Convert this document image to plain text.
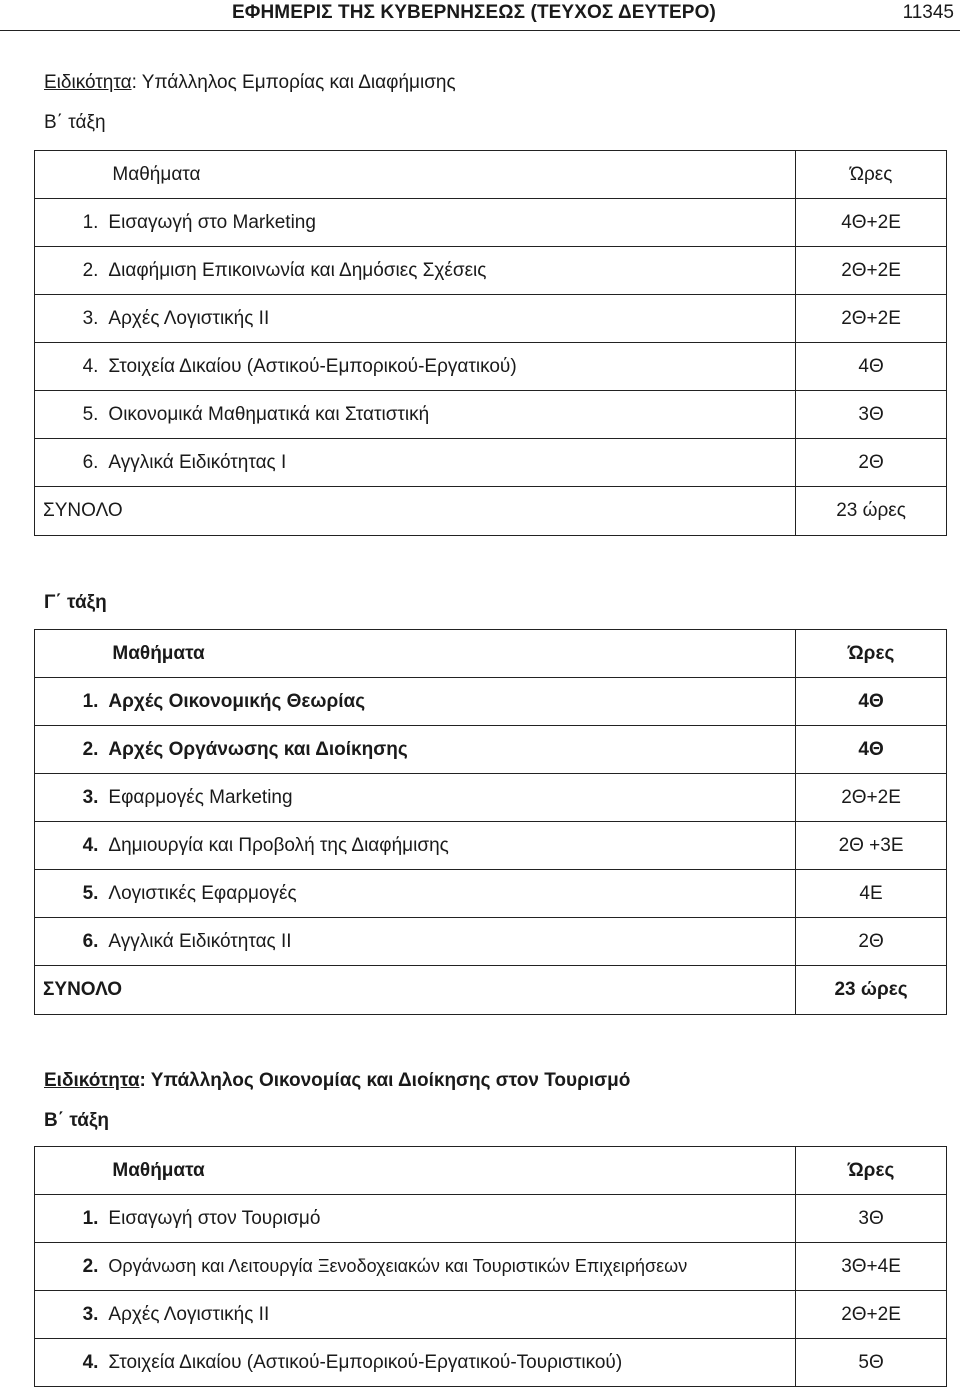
ΕΦΗΜΕΡΙΣ ΤΗΣ ΚΥΒΕΡΝΗΣΕΩΣ (ΤΕΥΧΟΣ ΔΕΥΤΕΡΟ)	11345
Ειδικότητα: Υπάλληλος Εμπορίας και Διαφήμισης
Β΄ τάξη
	Μαθήματα	Ώρες
1.	Εισαγωγή στο Marketing	4Θ+2Ε
2.	Διαφήμιση Επικοινωνία και Δημόσιες Σχέσεις	2Θ+2Ε
3.	Αρχές Λογιστικής ΙΙ	2Θ+2Ε
4.	Στοιχεία Δικαίου (Αστικού-Εμπορικού-Εργατικού)	4Θ
5.	Οικονομικά Μαθηματικά και Στατιστική	3Θ
6.	Αγγλικά Ειδικότητας Ι	2Θ
ΣΥΝΟΛΟ		23 ώρες
Γ΄ τάξη
	Μαθήματα	Ώρες
1.	Αρχές Οικονομικής Θεωρίας	4Θ
2.	Αρχές Οργάνωσης και Διοίκησης	4Θ
3.	Εφαρμογές Marketing	2Θ+2Ε
4.	Δημιουργία και Προβολή της Διαφήμισης	2Θ +3Ε
5.	Λογιστικές Εφαρμογές	4Ε
6.	Αγγλικά Ειδικότητας ΙΙ	2Θ
ΣΥΝΟΛΟ		23 ώρες
Ειδικότητα: Υπάλληλος Οικονομίας και Διοίκησης στον Τουρισμό
Β΄ τάξη
	Μαθήματα	Ώρες
1.	Εισαγωγή στον Τουρισμό	3Θ
2.	Οργάνωση και Λειτουργία Ξενοδοχειακών και Τουριστικών Επιχειρήσεων	3Θ+4Ε
3.	Αρχές Λογιστικής ΙΙ	2Θ+2Ε
4.	Στοιχεία Δικαίου (Αστικού-Εμπορικού-Εργατικού-Τουριστικού)	5Θ
